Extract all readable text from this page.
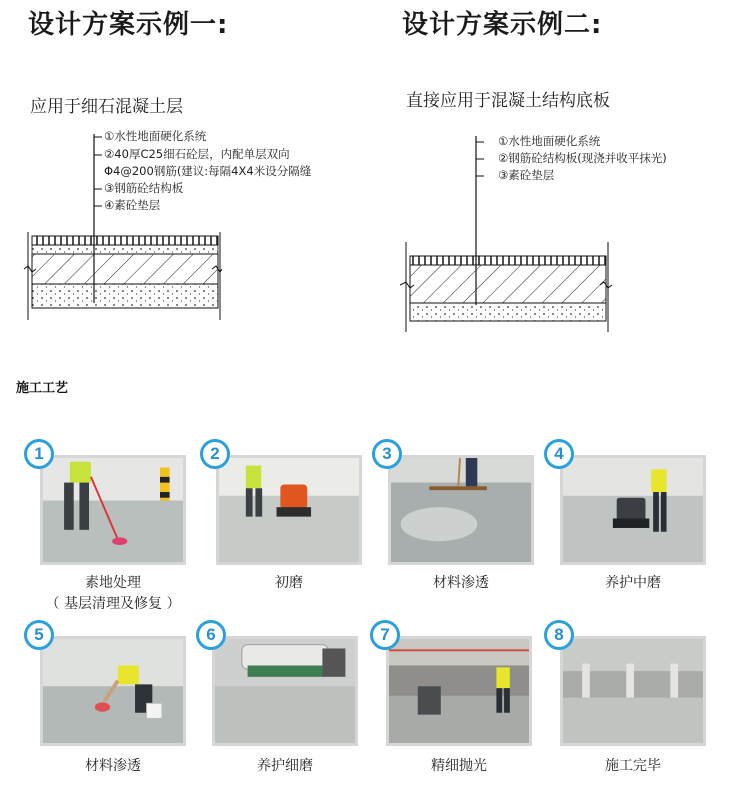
设计方案示例一:
应用于细石混凝土层
①水性地面硬化系统
②40厚C25细石砼层，内配单层双向
Φ4@200钢筋(建议:每隔4X4米设分隔缝
③钢筋砼结构板
④素砼垫层
设计方案示例二:
直接应用于混凝土结构底板
①水性地面硬化系统
②钢筋砼结构板(现浇并收平抹光)
③素砼垫层
施工工艺
1
素地处理
（ 基层清理及修复 ）
2
初磨
3
材料渗透
4
养护中磨
5
材料渗透
6
养护细磨
7
精细抛光
8
施工完毕
